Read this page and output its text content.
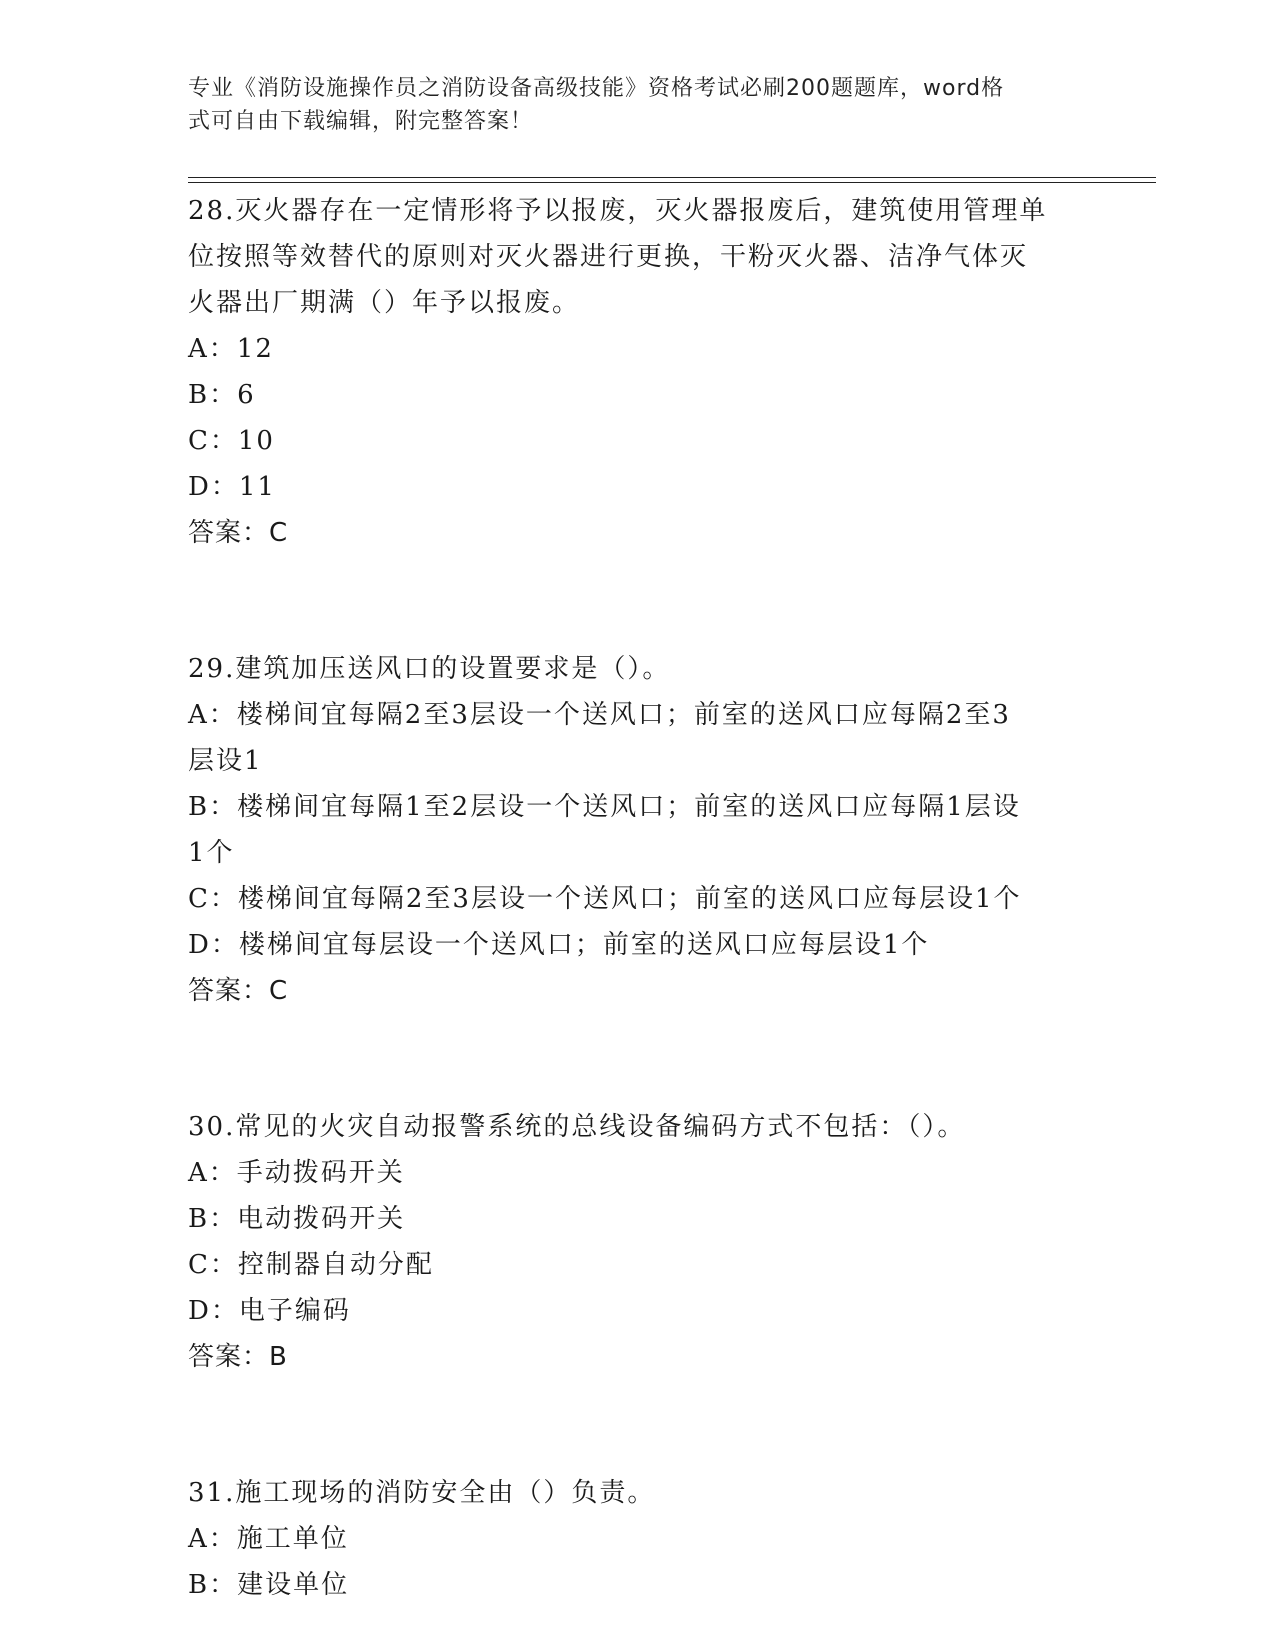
专业《消防设施操作员之消防设备高级技能》资格考试必刷200题题库，word格
式可自由下载编辑，附完整答案！
28.灭火器存在一定情形将予以报废，灭火器报废后，建筑使用管理单
位按照等效替代的原则对灭火器进行更换，干粉灭火器、洁净气体灭
火器出厂期满（）年予以报废。
A：12
B：6
C：10
D：11
答案：C
29.建筑加压送风口的设置要求是（）。
A：楼梯间宜每隔2至3层设一个送风口；前室的送风口应每隔2至3
层设1
B：楼梯间宜每隔1至2层设一个送风口；前室的送风口应每隔1层设
1个
C：楼梯间宜每隔2至3层设一个送风口；前室的送风口应每层设1个
D：楼梯间宜每层设一个送风口；前室的送风口应每层设1个
答案：C
30.常见的火灾自动报警系统的总线设备编码方式不包括：（）。
A：手动拨码开关
B：电动拨码开关
C：控制器自动分配
D：电子编码
答案：B
31.施工现场的消防安全由（）负责。
A：施工单位
B：建设单位
